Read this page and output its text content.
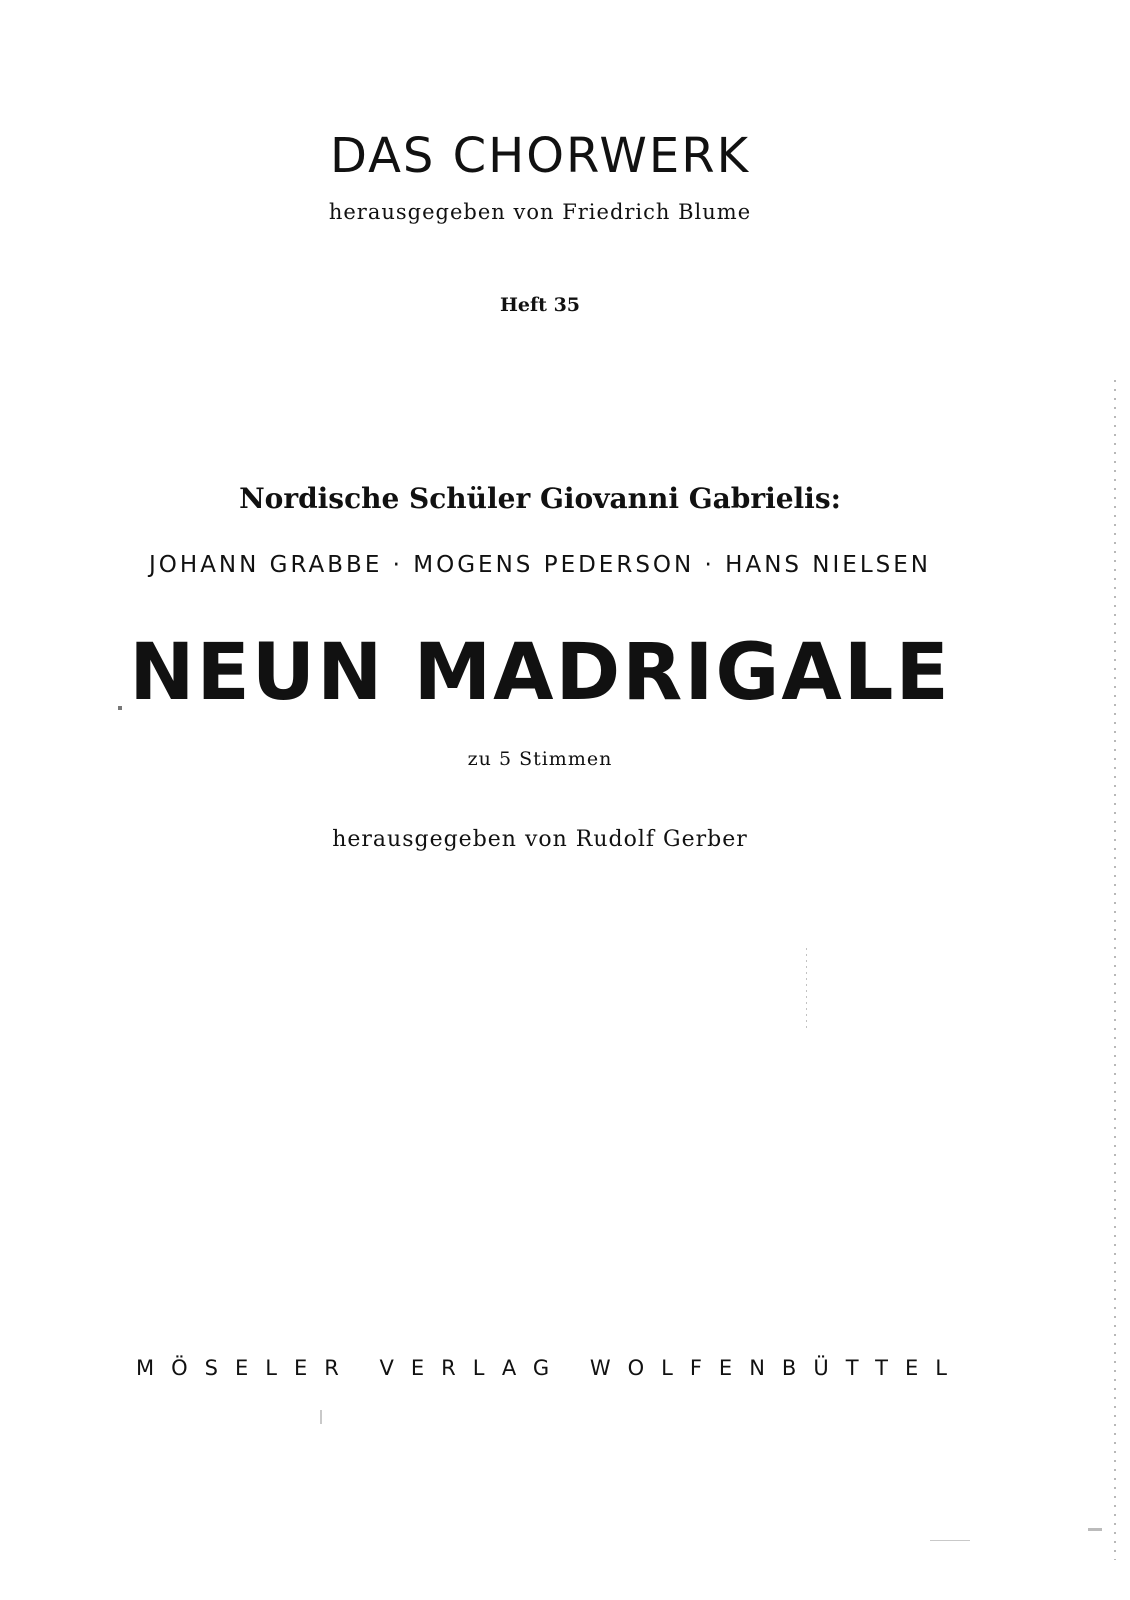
DAS CHORWERK
herausgegeben von Friedrich Blume
Heft 35
Nordische Schüler Giovanni Gabrielis:
JOHANN GRABBE · MOGENS PEDERSON · HANS NIELSEN
NEUN MADRIGALE
zu 5 Stimmen
herausgegeben von Rudolf Gerber
MÖSELER VERLAG WOLFENBÜTTEL
